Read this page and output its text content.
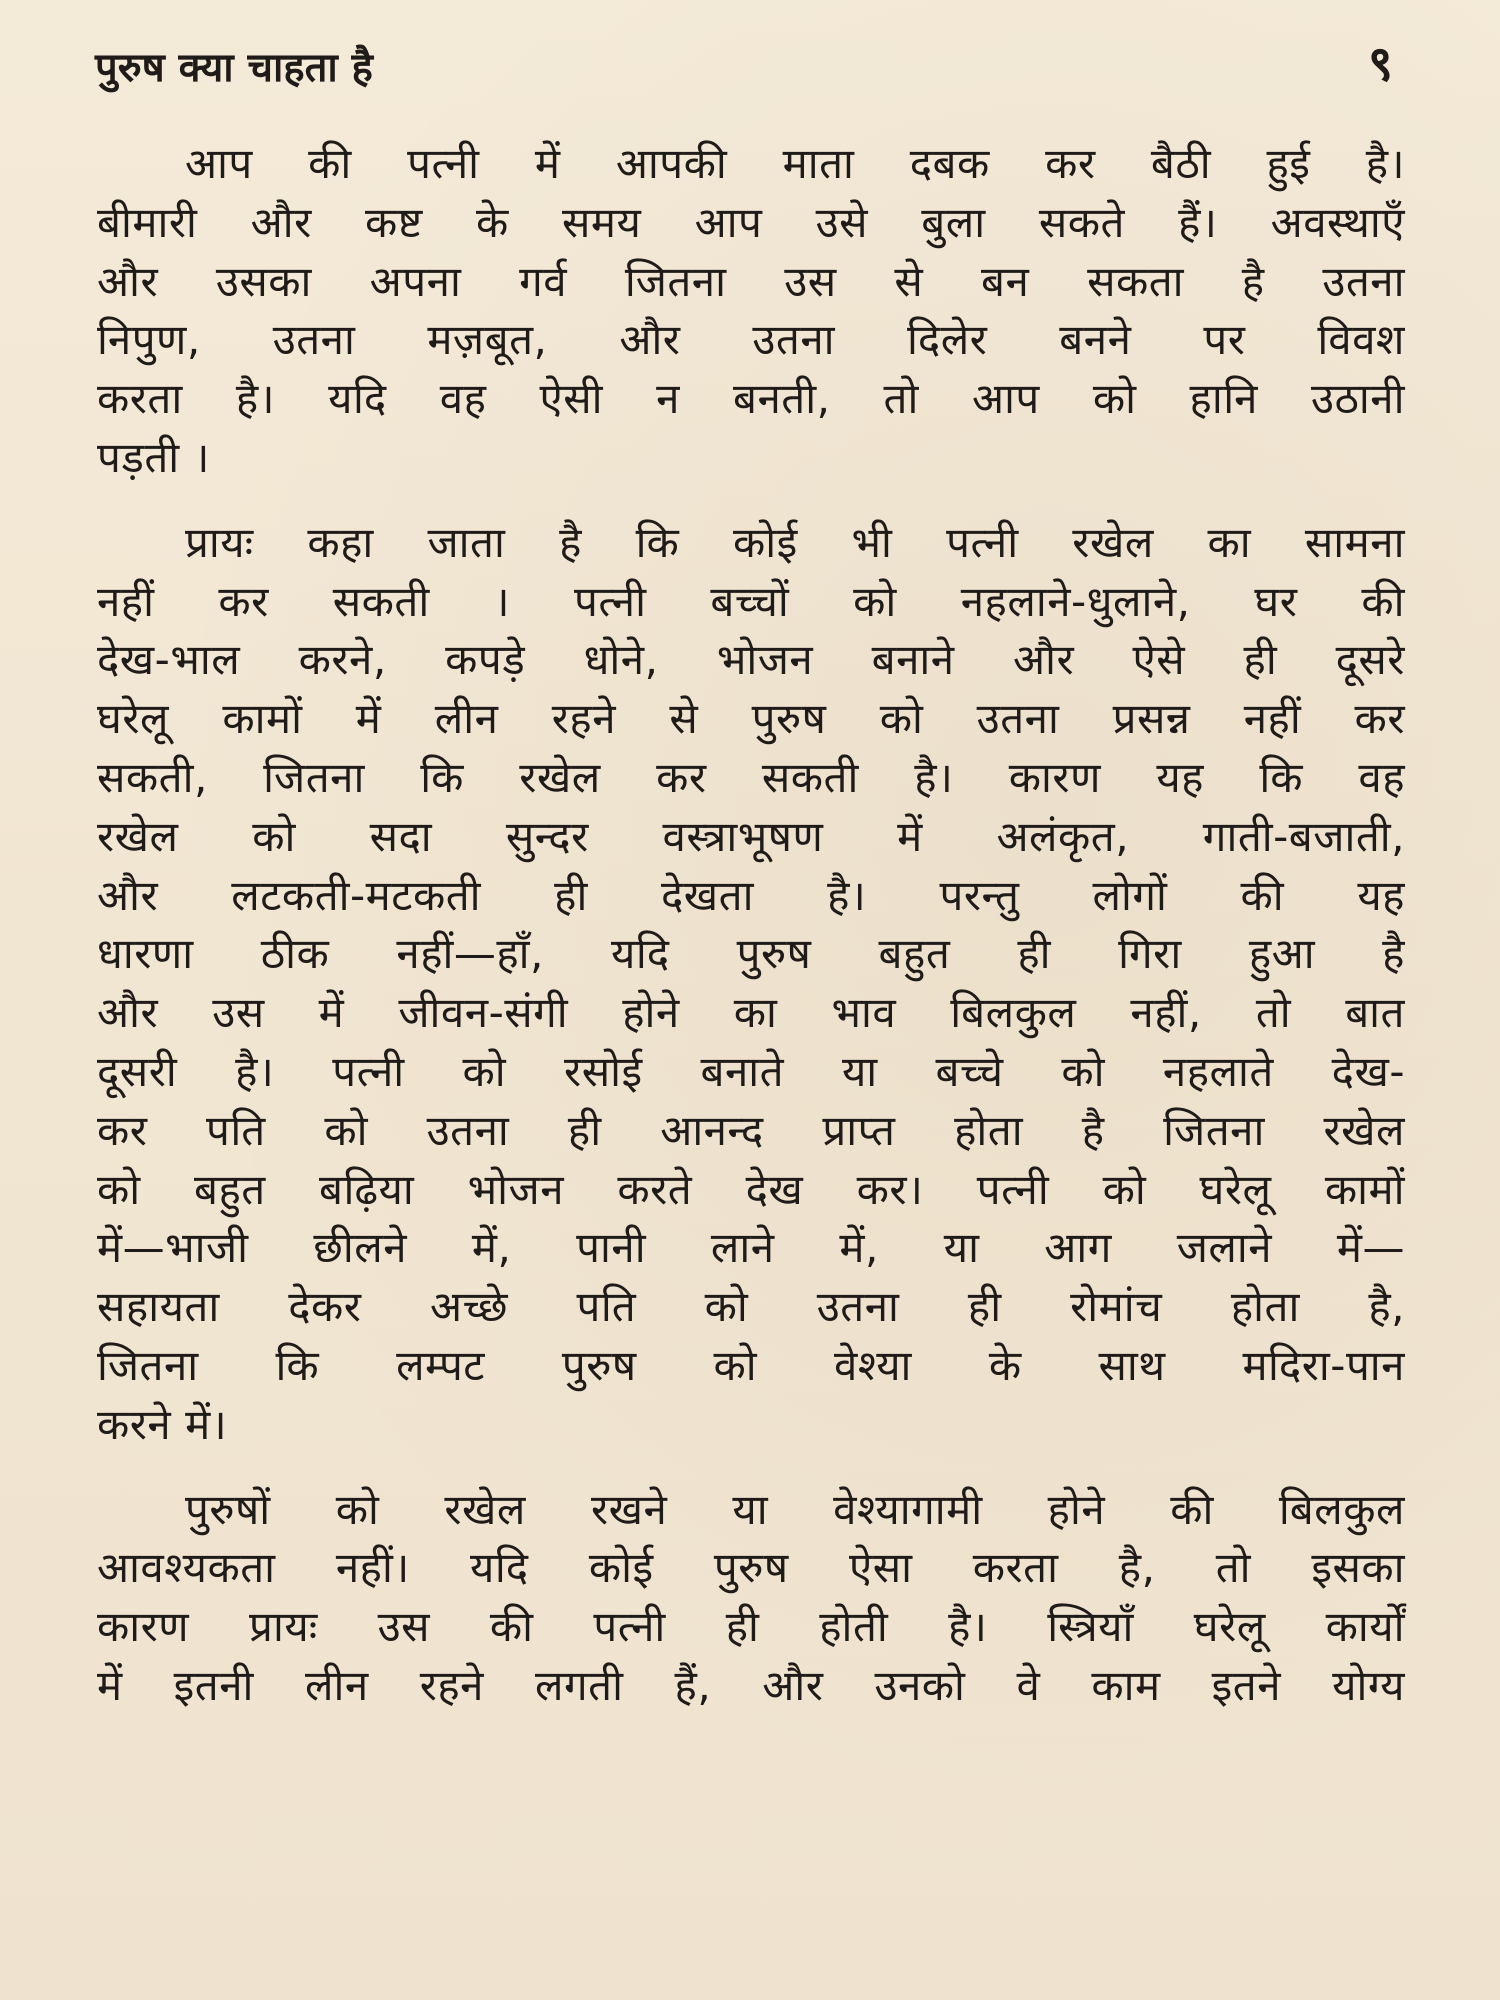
पुरुष क्या चाहता है	९
आप की पत्नी में आपकी माता दबक कर बैठी हुई है।
बीमारी और कष्ट के समय आप उसे बुला सकते हैं। अवस्थाएँ
और उसका अपना गर्व जितना उस से बन सकता है उतना
निपुण, उतना मज़बूत, और उतना दिलेर बनने पर विवश
करता है। यदि वह ऐसी न बनती, तो आप को हानि उठानी
पड़ती ।
प्रायः कहा जाता है कि कोई भी पत्नी रखेल का सामना
नहीं कर सकती । पत्नी बच्चों को नहलाने-धुलाने, घर की
देख-भाल करने, कपड़े धोने, भोजन बनाने और ऐसे ही दूसरे
घरेलू कामों में लीन रहने से पुरुष को उतना प्रसन्न नहीं कर
सकती, जितना कि रखेल कर सकती है। कारण यह कि वह
रखेल को सदा सुन्दर वस्त्राभूषण में अलंकृत, गाती-बजाती,
और लटकती-मटकती ही देखता है। परन्तु लोगों की यह
धारणा ठीक नहीं—हाँ, यदि पुरुष बहुत ही गिरा हुआ है
और उस में जीवन-संगी होने का भाव बिलकुल नहीं, तो बात
दूसरी है। पत्नी को रसोई बनाते या बच्चे को नहलाते देख-
कर पति को उतना ही आनन्द प्राप्त होता है जितना रखेल
को बहुत बढ़िया भोजन करते देख कर। पत्नी को घरेलू कामों
में—भाजी छीलने में, पानी लाने में, या आग जलाने में—
सहायता देकर अच्छे पति को उतना ही रोमांच होता है,
जितना कि लम्पट पुरुष को वेश्या के साथ मदिरा-पान
करने में।
पुरुषों को रखेल रखने या वेश्यागामी होने की बिलकुल
आवश्यकता नहीं। यदि कोई पुरुष ऐसा करता है, तो इसका
कारण प्रायः उस की पत्नी ही होती है। स्त्रियाँ घरेलू कार्यों
में इतनी लीन रहने लगती हैं, और उनको वे काम इतने योग्य
